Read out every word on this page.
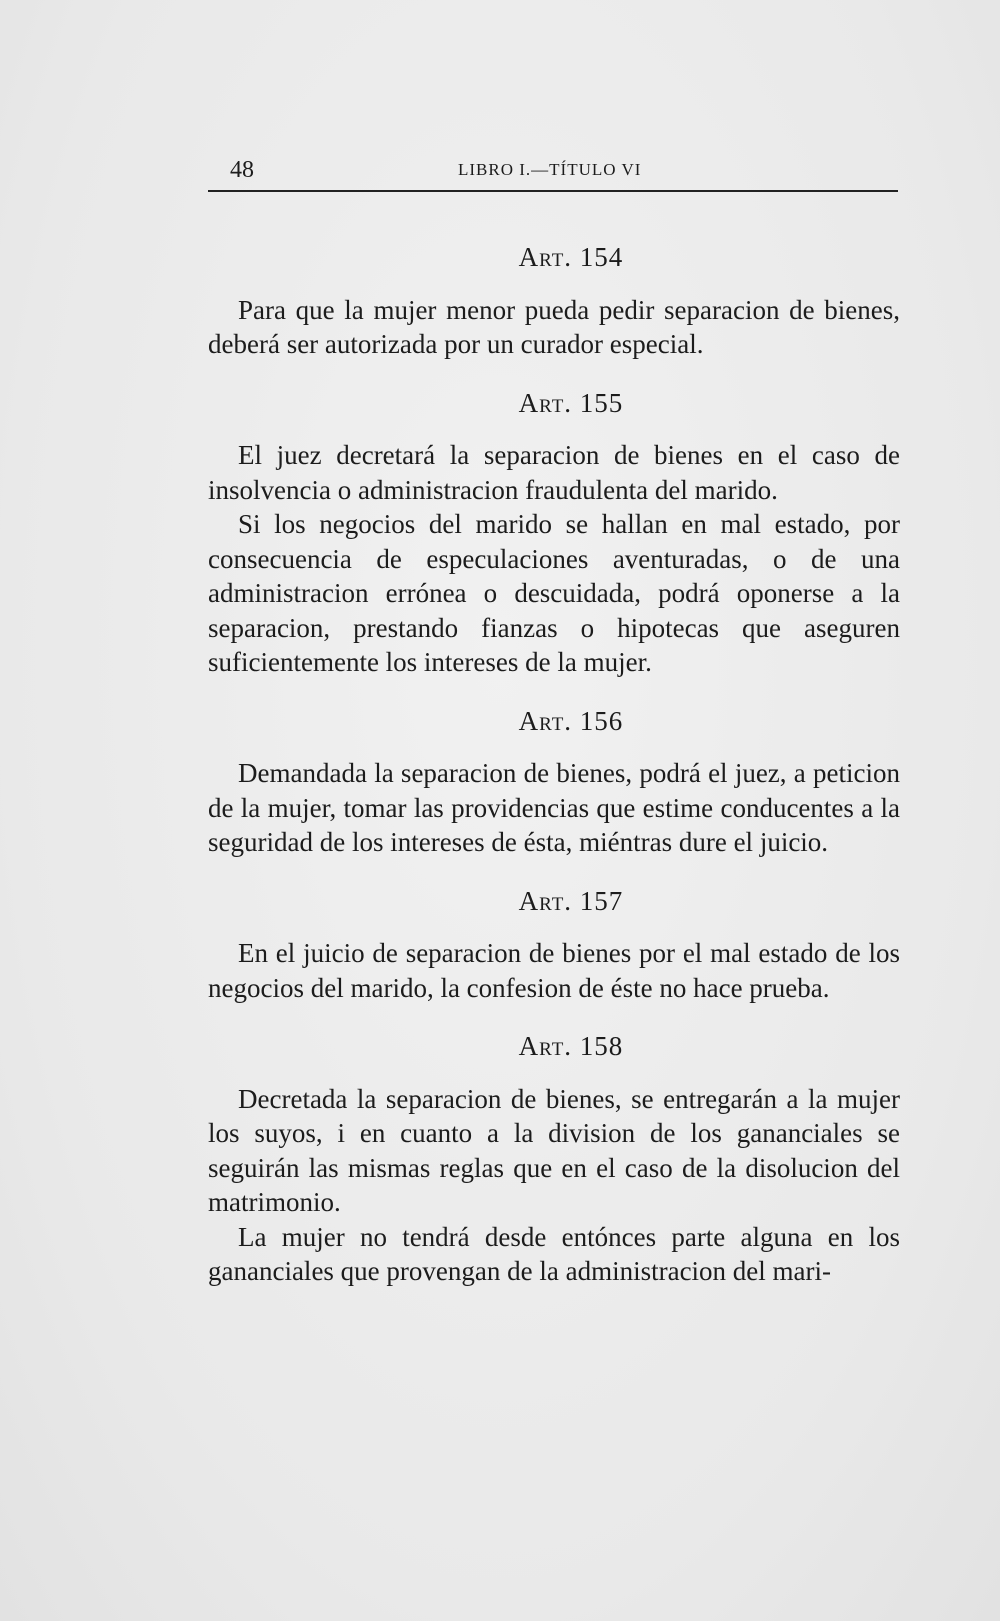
48	LIBRO I.—TÍTULO VI
Art. 154

Para que la mujer menor pueda pedir separacion de bienes, deberá ser autorizada por un curador especial.

Art. 155

El juez decretará la separacion de bienes en el caso de insolvencia o administracion fraudulenta del marido.

Si los negocios del marido se hallan en mal estado, por consecuencia de especulaciones aventuradas, o de una administracion errónea o descuidada, podrá oponerse a la separacion, prestando fianzas o hipotecas que aseguren suficientemente los intereses de la mujer.

Art. 156

Demandada la separacion de bienes, podrá el juez, a peticion de la mujer, tomar las providencias que estime conducentes a la seguridad de los intereses de ésta, miéntras dure el juicio.

Art. 157

En el juicio de separacion de bienes por el mal estado de los negocios del marido, la confesion de éste no hace prueba.

Art. 158

Decretada la separacion de bienes, se entregarán a la mujer los suyos, i en cuanto a la division de los gananciales se seguirán las mismas reglas que en el caso de la disolucion del matrimonio.

La mujer no tendrá desde entónces parte alguna en los gananciales que provengan de la administracion del mari-
